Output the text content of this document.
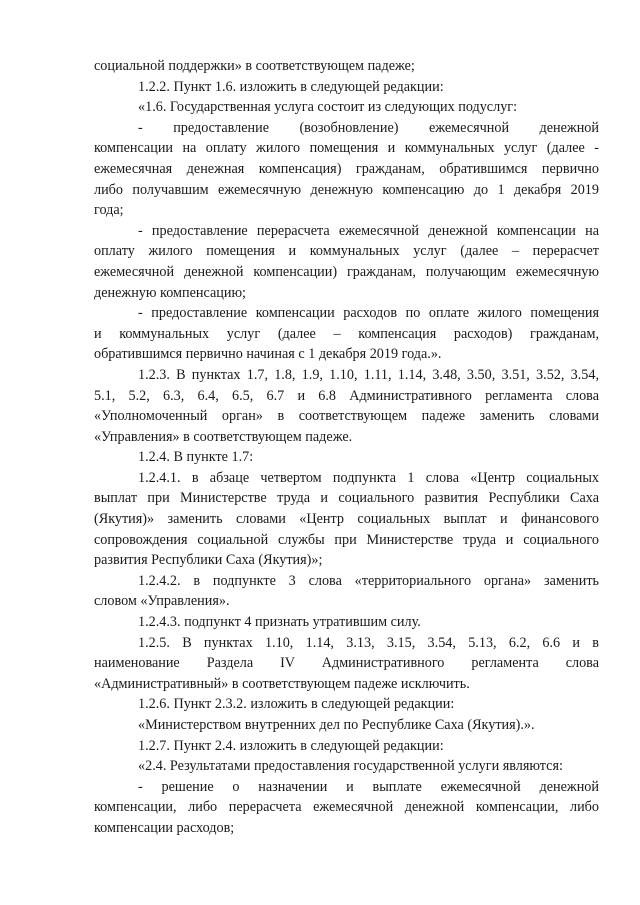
социальной поддержки» в соответствующем падеже;
1.2.2. Пункт 1.6. изложить в следующей редакции:
«1.6. Государственная услуга состоит из следующих подуслуг:
- предоставление (возобновление) ежемесячной денежной
компенсации на оплату жилого помещения и коммунальных услуг (далее -
ежемесячная денежная компенсация) гражданам, обратившимся первично
либо получавшим ежемесячную денежную компенсацию до 1 декабря 2019
года;
- предоставление перерасчета ежемесячной денежной компенсации на
оплату жилого помещения и коммунальных услуг (далее – перерасчет
ежемесячной денежной компенсации) гражданам, получающим ежемесячную
денежную компенсацию;
- предоставление компенсации расходов по оплате жилого помещения
и коммунальных услуг (далее – компенсация расходов) гражданам,
обратившимся первично начиная с 1 декабря 2019 года.».
1.2.3. В пунктах 1.7, 1.8, 1.9, 1.10, 1.11, 1.14, 3.48, 3.50, 3.51, 3.52, 3.54,
5.1, 5.2, 6.3, 6.4, 6.5, 6.7 и 6.8 Административного регламента слова
«Уполномоченный орган» в соответствующем падеже заменить словами
«Управления» в соответствующем падеже.
1.2.4. В пункте 1.7:
1.2.4.1. в абзаце четвертом подпункта 1 слова «Центр социальных
выплат при Министерстве труда и социального развития Республики Саха
(Якутия)» заменить словами «Центр социальных выплат и финансового
сопровождения социальной службы при Министерстве труда и социального
развития Республики Саха (Якутия)»;
1.2.4.2. в подпункте 3 слова «территориального органа» заменить
словом «Управления».
1.2.4.3. подпункт 4 признать утратившим силу.
1.2.5. В пунктах 1.10, 1.14, 3.13, 3.15, 3.54, 5.13, 6.2, 6.6 и в
наименование Раздела IV Административного регламента слова
«Административный» в соответствующем падеже исключить.
1.2.6. Пункт 2.3.2. изложить в следующей редакции:
«Министерством внутренних дел по Республике Саха (Якутия).».
1.2.7. Пункт 2.4. изложить в следующей редакции:
«2.4. Результатами предоставления государственной услуги являются:
- решение о назначении и выплате ежемесячной денежной
компенсации, либо перерасчета ежемесячной денежной компенсации, либо
компенсации расходов;
